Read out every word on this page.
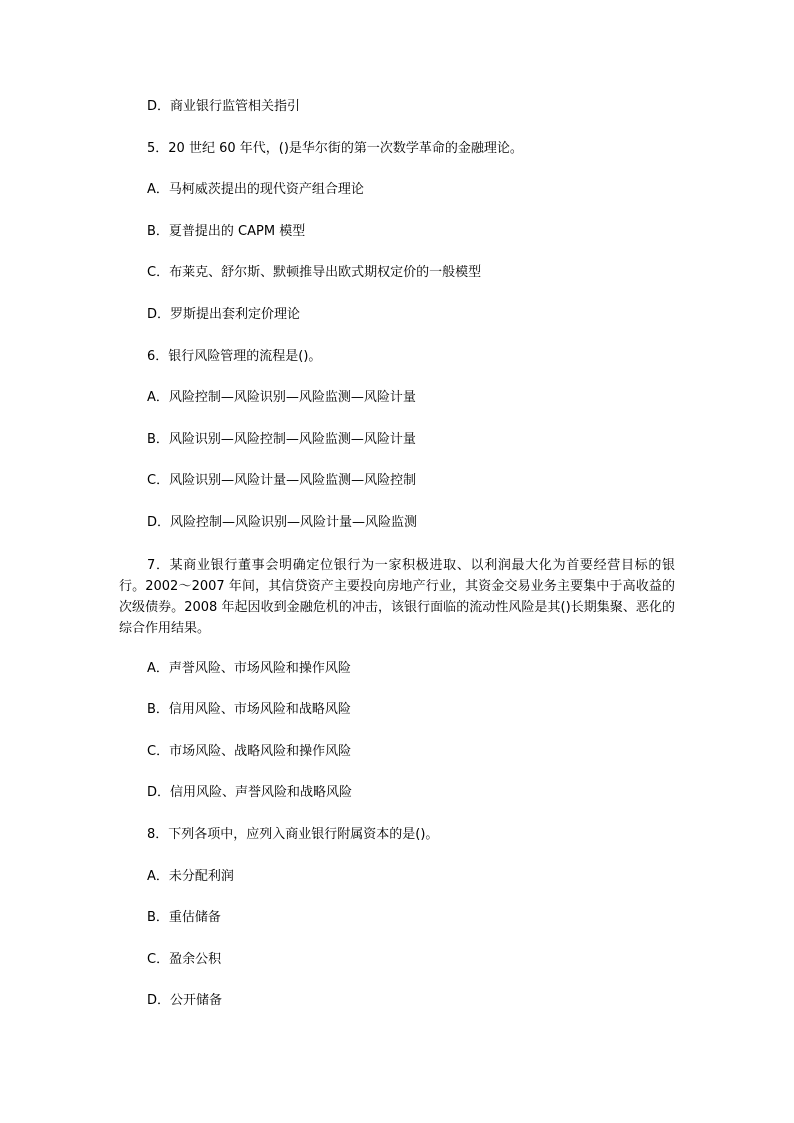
D．商业银行监管相关指引
5．20 世纪 60 年代，()是华尔街的第一次数学革命的金融理论。
A．马柯威茨提出的现代资产组合理论
B．夏普提出的 CAPM 模型
C．布莱克、舒尔斯、默顿推导出欧式期权定价的一般模型
D．罗斯提出套利定价理论
6．银行风险管理的流程是()。
A．风险控制—风险识别—风险监测—风险计量
B．风险识别—风险控制—风险监测—风险计量
C．风险识别—风险计量—风险监测—风险控制
D．风险控制—风险识别—风险计量—风险监测
7．某商业银行董事会明确定位银行为一家积极进取、以利润最大化为首要经营目标的银行。2002～2007 年间，其信贷资产主要投向房地产行业，其资金交易业务主要集中于高收益的次级债券。2008 年起因收到金融危机的冲击，该银行面临的流动性风险是其()长期集聚、恶化的综合作用结果。
A．声誉风险、市场风险和操作风险
B．信用风险、市场风险和战略风险
C．市场风险、战略风险和操作风险
D．信用风险、声誉风险和战略风险
8．下列各项中，应列入商业银行附属资本的是()。
A．未分配利润
B．重估储备
C．盈余公积
D．公开储备
